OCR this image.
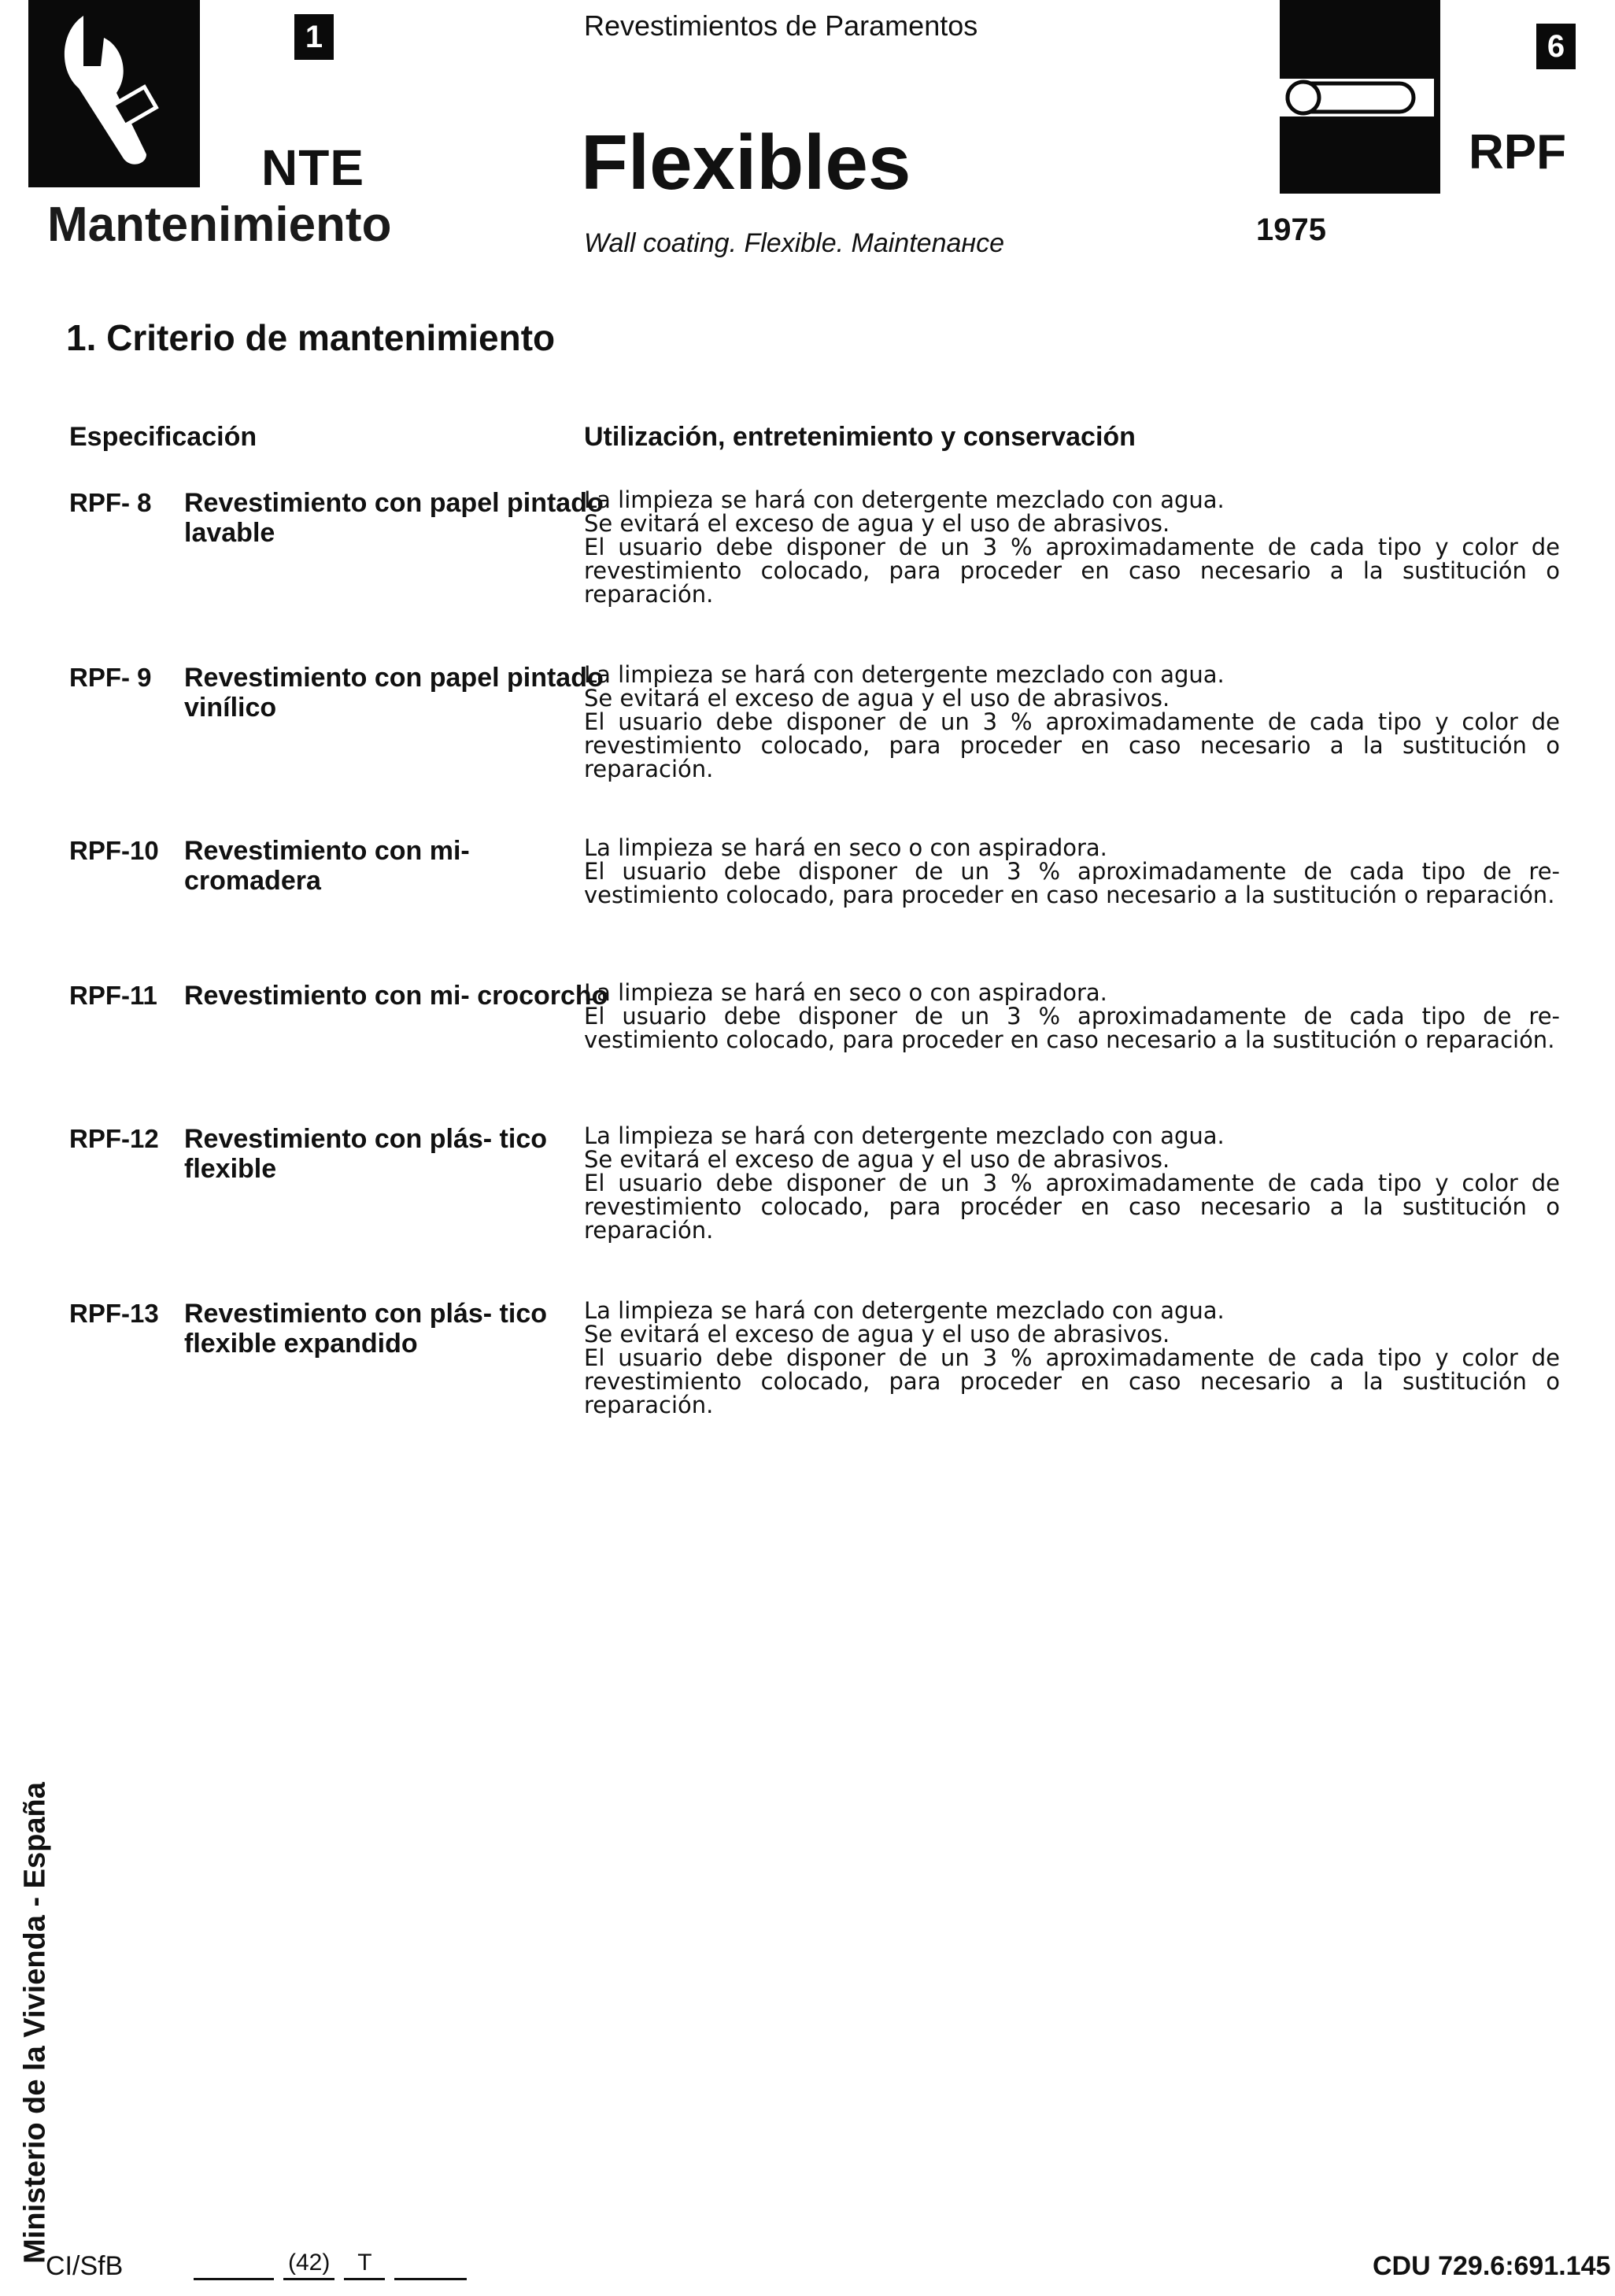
1
NTE
Mantenimiento
Revestimientos de Paramentos
Flexibles
Wall coating. Flexible. Maintenансe
6
RPF
1975
1. Criterio de mantenimiento
Especificación	Utilización, entretenimiento y conservación
RPF- 8	Revestimiento con papel pintado lavable
La limpieza se hará con detergente mezclado con agua.
Se evitará el exceso de agua y el uso de abrasivos.
El usuario debe disponer de un 3 % aproximadamente de cada tipo y color de revestimiento colocado, para proceder en caso necesario a la sustitución o reparación.
RPF- 9	Revestimiento con papel pintado vinílico
La limpieza se hará con detergente mezclado con agua.
Se evitará el exceso de agua y el uso de abrasivos.
El usuario debe disponer de un 3 % aproximadamente de cada tipo y color de revestimiento colocado, para proceder en caso necesario a la sustitución o reparación.
RPF-10 Revestimiento con mi- cromadera
La limpieza se hará en seco o con aspiradora.
El usuario debe disponer de un 3 % aproximadamente de cada tipo de re- vestimiento colocado, para proceder en caso necesario a la sustitución o reparación.
RPF-11	Revestimiento con mi- crocorcho
La limpieza se hará en seco o con aspiradora.
El usuario debe disponer de un 3 % aproximadamente de cada tipo de re- vestimiento colocado, para proceder en caso necesario a la sustitución o reparación.
RPF-12 Revestimiento con plás- tico flexible
La limpieza se hará con detergente mezclado con agua.
Se evitará el exceso de agua y el uso de abrasivos.
El usuario debe disponer de un 3 % aproximadamente de cada tipo y color de revestimiento colocado, para procéder en caso necesario a la sustitución o reparación.
RPF-13 Revestimiento con plás- tico flexible expandido
La limpieza se hará con detergente mezclado con agua.
Se evitará el exceso de agua y el uso de abrasivos.
El usuario debe disponer de un 3 % aproximadamente de cada tipo y color de revestimiento colocado, para proceder en caso necesario a la sustitución o reparación.
Ministerio de la Vivienda - España
CI/SfB	(42) T	CDU 729.6:691.145
